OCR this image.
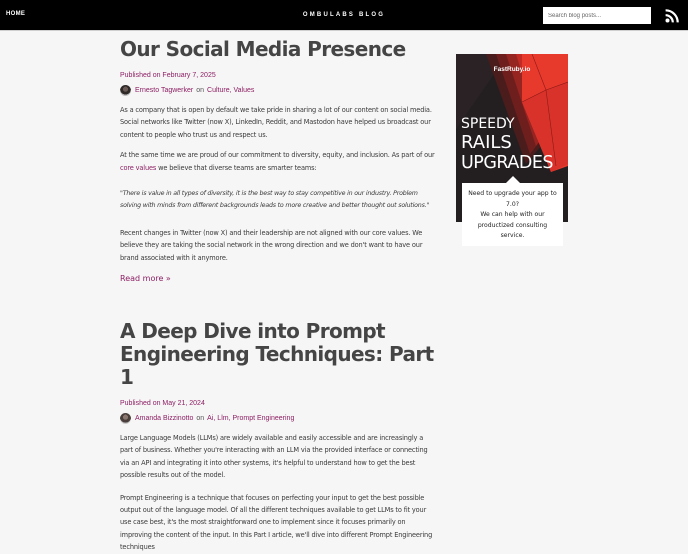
HOME	OMBULABS BLOG
Search blog posts...
Our Social Media Presence
Published on February 7, 2025
Ernesto Tagwerker on Culture , Values

As a company that is open by default we take pride in sharing a lot of our content on social media. Social networks like Twitter (now X), LinkedIn, Reddit, and Mastodon have helped us broadcast our content to people who trust us and respect us.

At the same time we are proud of our commitment to diversity, equity, and inclusion. As part of our core values we believe that diverse teams are smarter teams:

"There is value in all types of diversity, it is the best way to stay competitive in our industry. Problem solving with minds from different backgrounds leads to more creative and better thought out solutions."

Recent changes in Twitter (now X) and their leadership are not aligned with our core values. We believe they are taking the social network in the wrong direction and we don't want to have our brand associated with it anymore.

Read more »
A Deep Dive into Prompt Engineering Techniques: Part 1
Published on May 21, 2024
Amanda Bizzinotto on Ai , Llm , Prompt Engineering

Large Language Models (LLMs) are widely available and easily accessible and are increasingly a part of business. Whether you're interacting with an LLM via the provided interface or connecting via an API and integrating it into other systems, it's helpful to understand how to get the best possible results out of the model.

Prompt Engineering is a technique that focuses on perfecting your input to get the best possible output out of the language model. Of all the different techniques available to get LLMs to fit your use case best, it's the most straightforward one to implement since it focuses primarily on improving the content of the input. In this Part I article, we'll dive into different Prompt Engineering techniques

FastRuby.io
SPEEDY
RAILS
UPGRADES
Need to upgrade your app to 7.0?
We can help with our productized consulting service.
